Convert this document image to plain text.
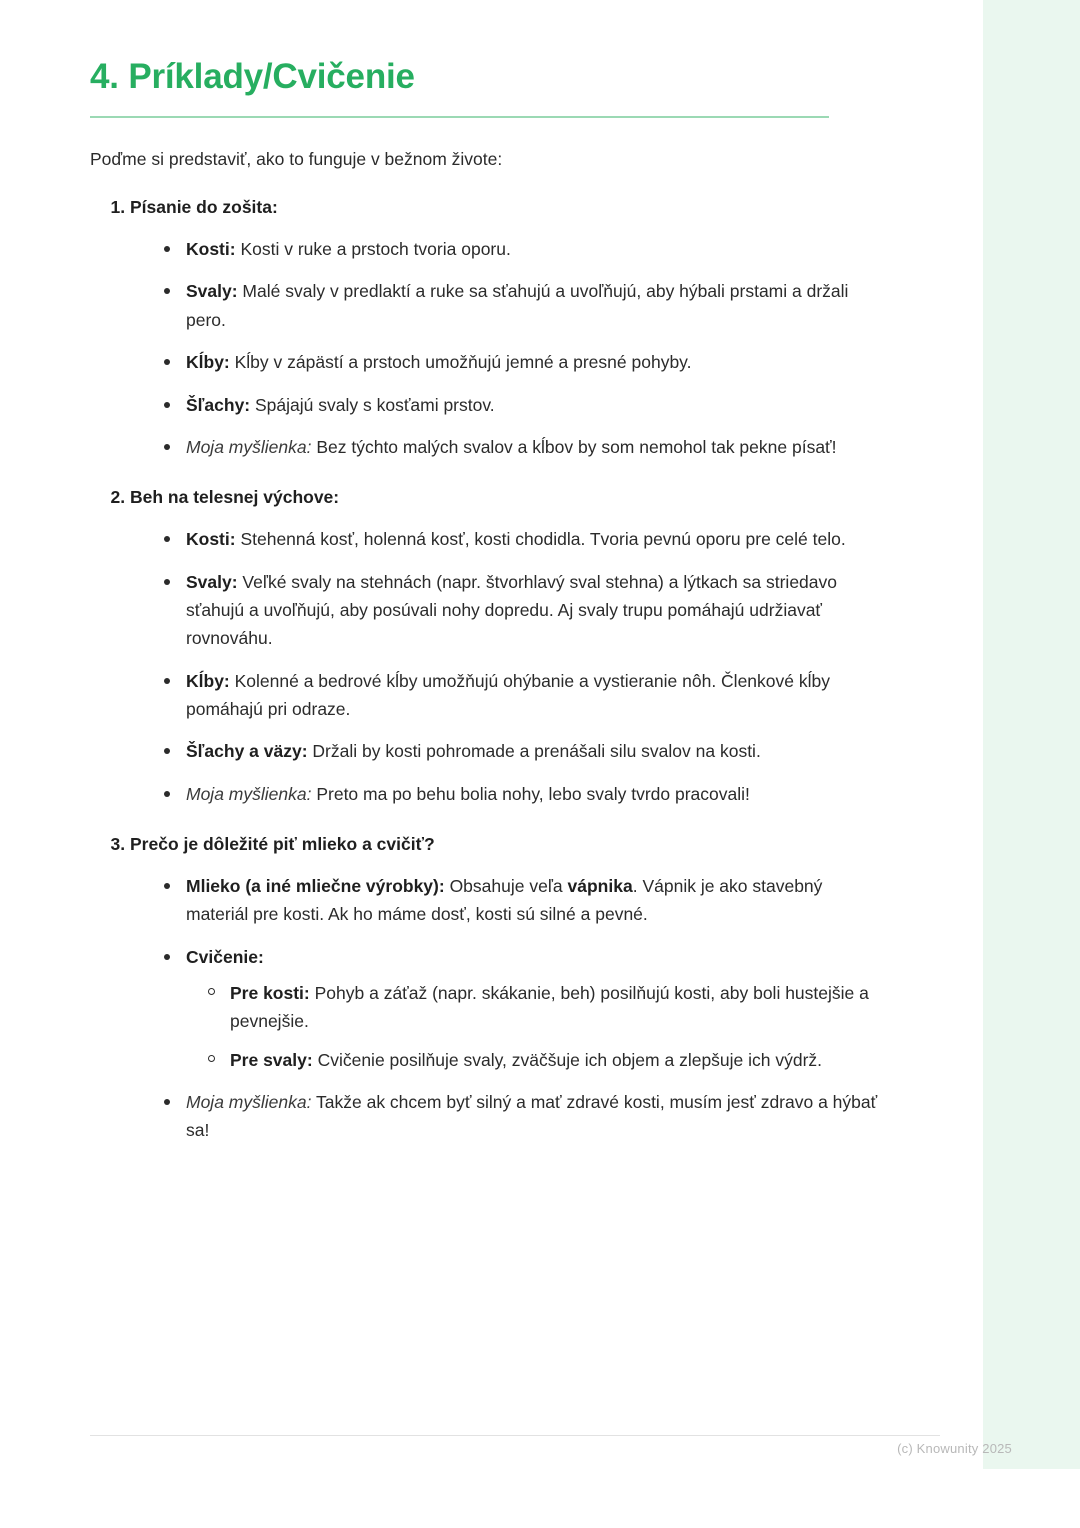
4. Príklady/Cvičenie

Poďme si predstaviť, ako to funguje v bežnom živote:

1. Písanie do zošita:
Kosti: Kosti v ruke a prstoch tvoria oporu.
Svaly: Malé svaly v predlaktí a ruke sa sťahujú a uvoľňujú, aby hýbali prstami a držali pero.
Kĺby: Kĺby v zápästí a prstoch umožňujú jemné a presné pohyby.
Šľachy: Spájajú svaly s kosťami prstov.
Moja myšlienka: Bez týchto malých svalov a kĺbov by som nemohol tak pekne písať!
2. Beh na telesnej výchove:
Kosti: Stehenná kosť, holenná kosť, kosti chodidla. Tvoria pevnú oporu pre celé telo.
Svaly: Veľké svaly na stehnách (napr. štvorhlavý sval stehna) a lýtkach sa striedavo sťahujú a uvoľňujú, aby posúvali nohy dopredu. Aj svaly trupu pomáhajú udržiavať rovnováhu.
Kĺby: Kolenné a bedrové kĺby umožňujú ohýbanie a vystieranie nôh. Členkové kĺby pomáhajú pri odraze.
Šľachy a väzy: Držali by kosti pohromade a prenášali silu svalov na kosti.
Moja myšlienka: Preto ma po behu bolia nohy, lebo svaly tvrdo pracovali!
3. Prečo je dôležité piť mlieko a cvičiť?
Mlieko (a iné mliečne výrobky): Obsahuje veľa vápnika. Vápnik je ako stavebný materiál pre kosti. Ak ho máme dosť, kosti sú silné a pevné.
Cvičenie:
Pre kosti: Pohyb a záťaž (napr. skákanie, beh) posilňujú kosti, aby boli hustejšie a pevnejšie.
Pre svaly: Cvičenie posilňuje svaly, zväčšuje ich objem a zlepšuje ich výdrž.
Moja myšlienka: Takže ak chcem byť silný a mať zdravé kosti, musím jesť zdravo a hýbať sa!
(c) Knowunity 2025
